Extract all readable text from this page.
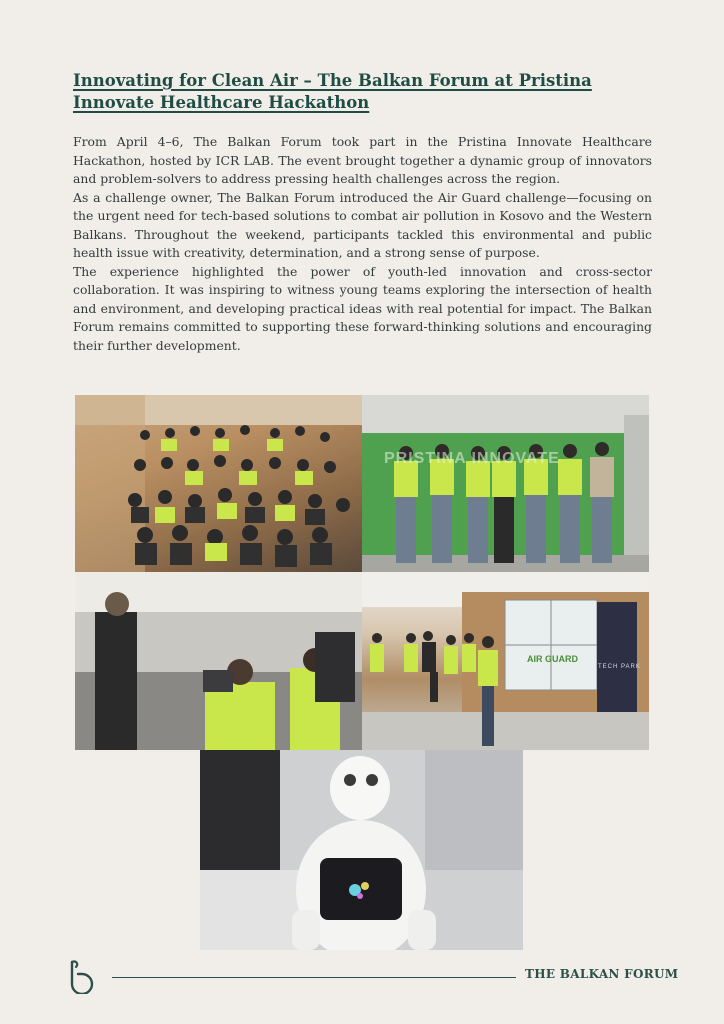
Innovating for Clean Air – The Balkan Forum at Pristina Innovate Healthcare Hackathon

From April 4–6, The Balkan Forum took part in the Pristina Innovate Healthcare Hackathon, hosted by ICR LAB. The event brought together a dynamic group of innovators and problem-solvers to address pressing health challenges across the region.

As a challenge owner, The Balkan Forum introduced the Air Guard challenge—focusing on the urgent need for tech-based solutions to combat air pollution in Kosovo and the Western Balkans. Throughout the weekend, participants tackled this environmental and public health issue with creativity, determination, and a strong sense of purpose.

The experience highlighted the power of youth-led innovation and cross-sector collaboration. It was inspiring to witness young teams exploring the intersection of health and environment, and developing practical ideas with real potential for impact. The Balkan Forum remains committed to supporting these forward-thinking solutions and encouraging their further development.

PRISTINA INNOVATE
AIR GUARD
TECH PARK
THE BALKAN FORUM
